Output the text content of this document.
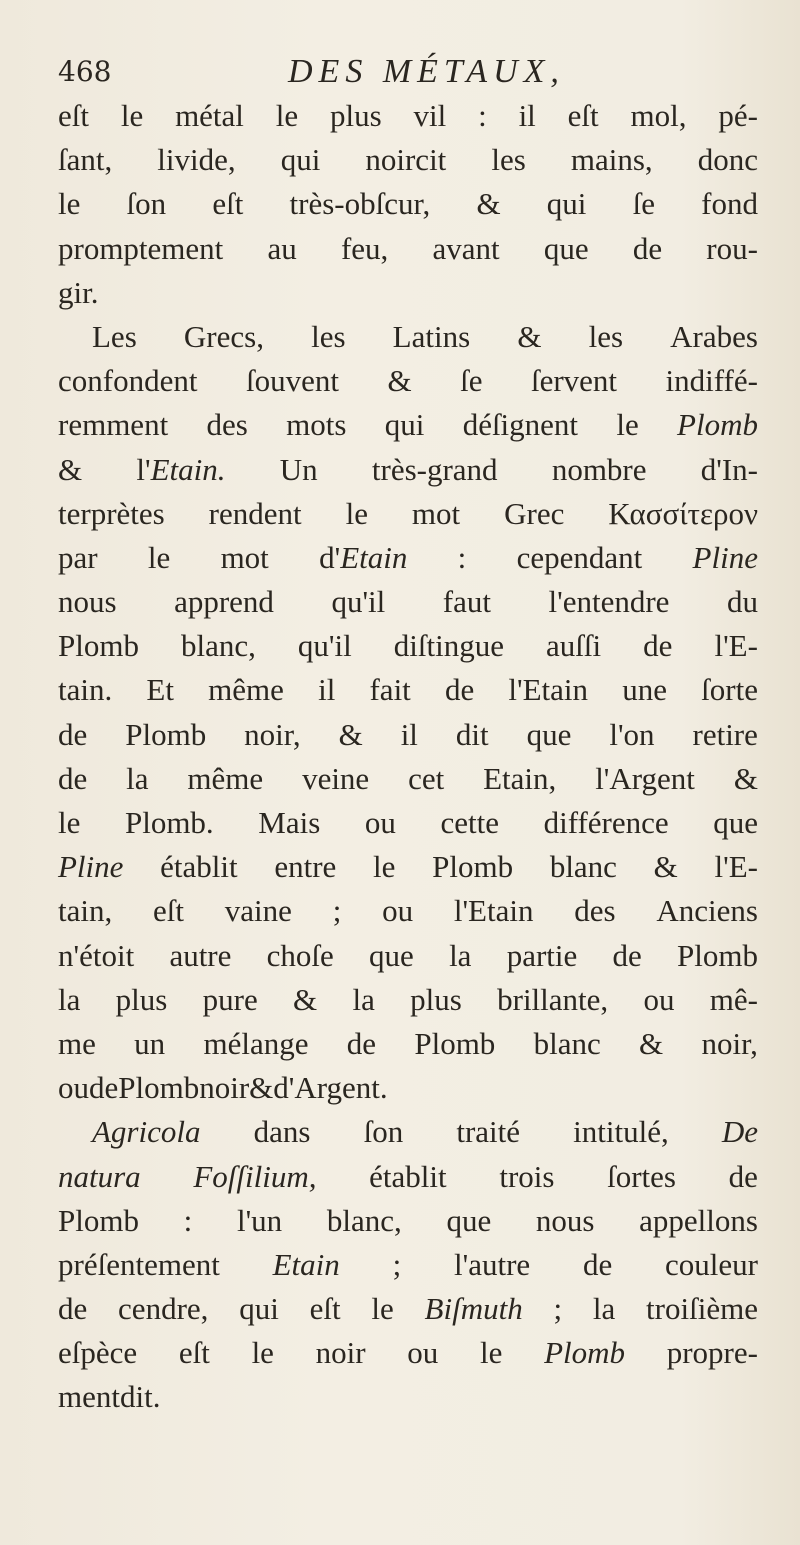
468	DES MÉTAUX,
eſt le métal le plus vil : il eſt mol, pé-
ſant, livide, qui noircit les mains, donc
le ſon eſt très-obſcur, & qui ſe fond
promptement au feu, avant que de rou-
gir.
Les Grecs, les Latins & les Arabes
confondent ſouvent & ſe ſervent indiffé-
remment des mots qui déſignent le Plomb
& l'Etain. Un très-grand nombre d'In-
terprètes rendent le mot Grec Κασσίτερον
par le mot d'Etain : cependant Pline
nous apprend qu'il faut l'entendre du
Plomb blanc, qu'il diſtingue auſſi de l'E-
tain. Et même il fait de l'Etain une ſorte
de Plomb noir, & il dit que l'on retire
de la même veine cet Etain, l'Argent &
le Plomb. Mais ou cette différence que
Pline établit entre le Plomb blanc & l'E-
tain, eſt vaine ; ou l'Etain des Anciens
n'étoit autre choſe que la partie de Plomb
la plus pure & la plus brillante, ou mê-
me un mélange de Plomb blanc & noir,
ou de Plomb noir & d'Argent.
Agricola dans ſon traité intitulé, De
natura Foſſilium, établit trois ſortes de
Plomb : l'un blanc, que nous appellons
préſentement Etain ; l'autre de couleur
de cendre, qui eſt le Biſmuth ; la troiſième
eſpèce eſt le noir ou le Plomb propre-
ment dit.
